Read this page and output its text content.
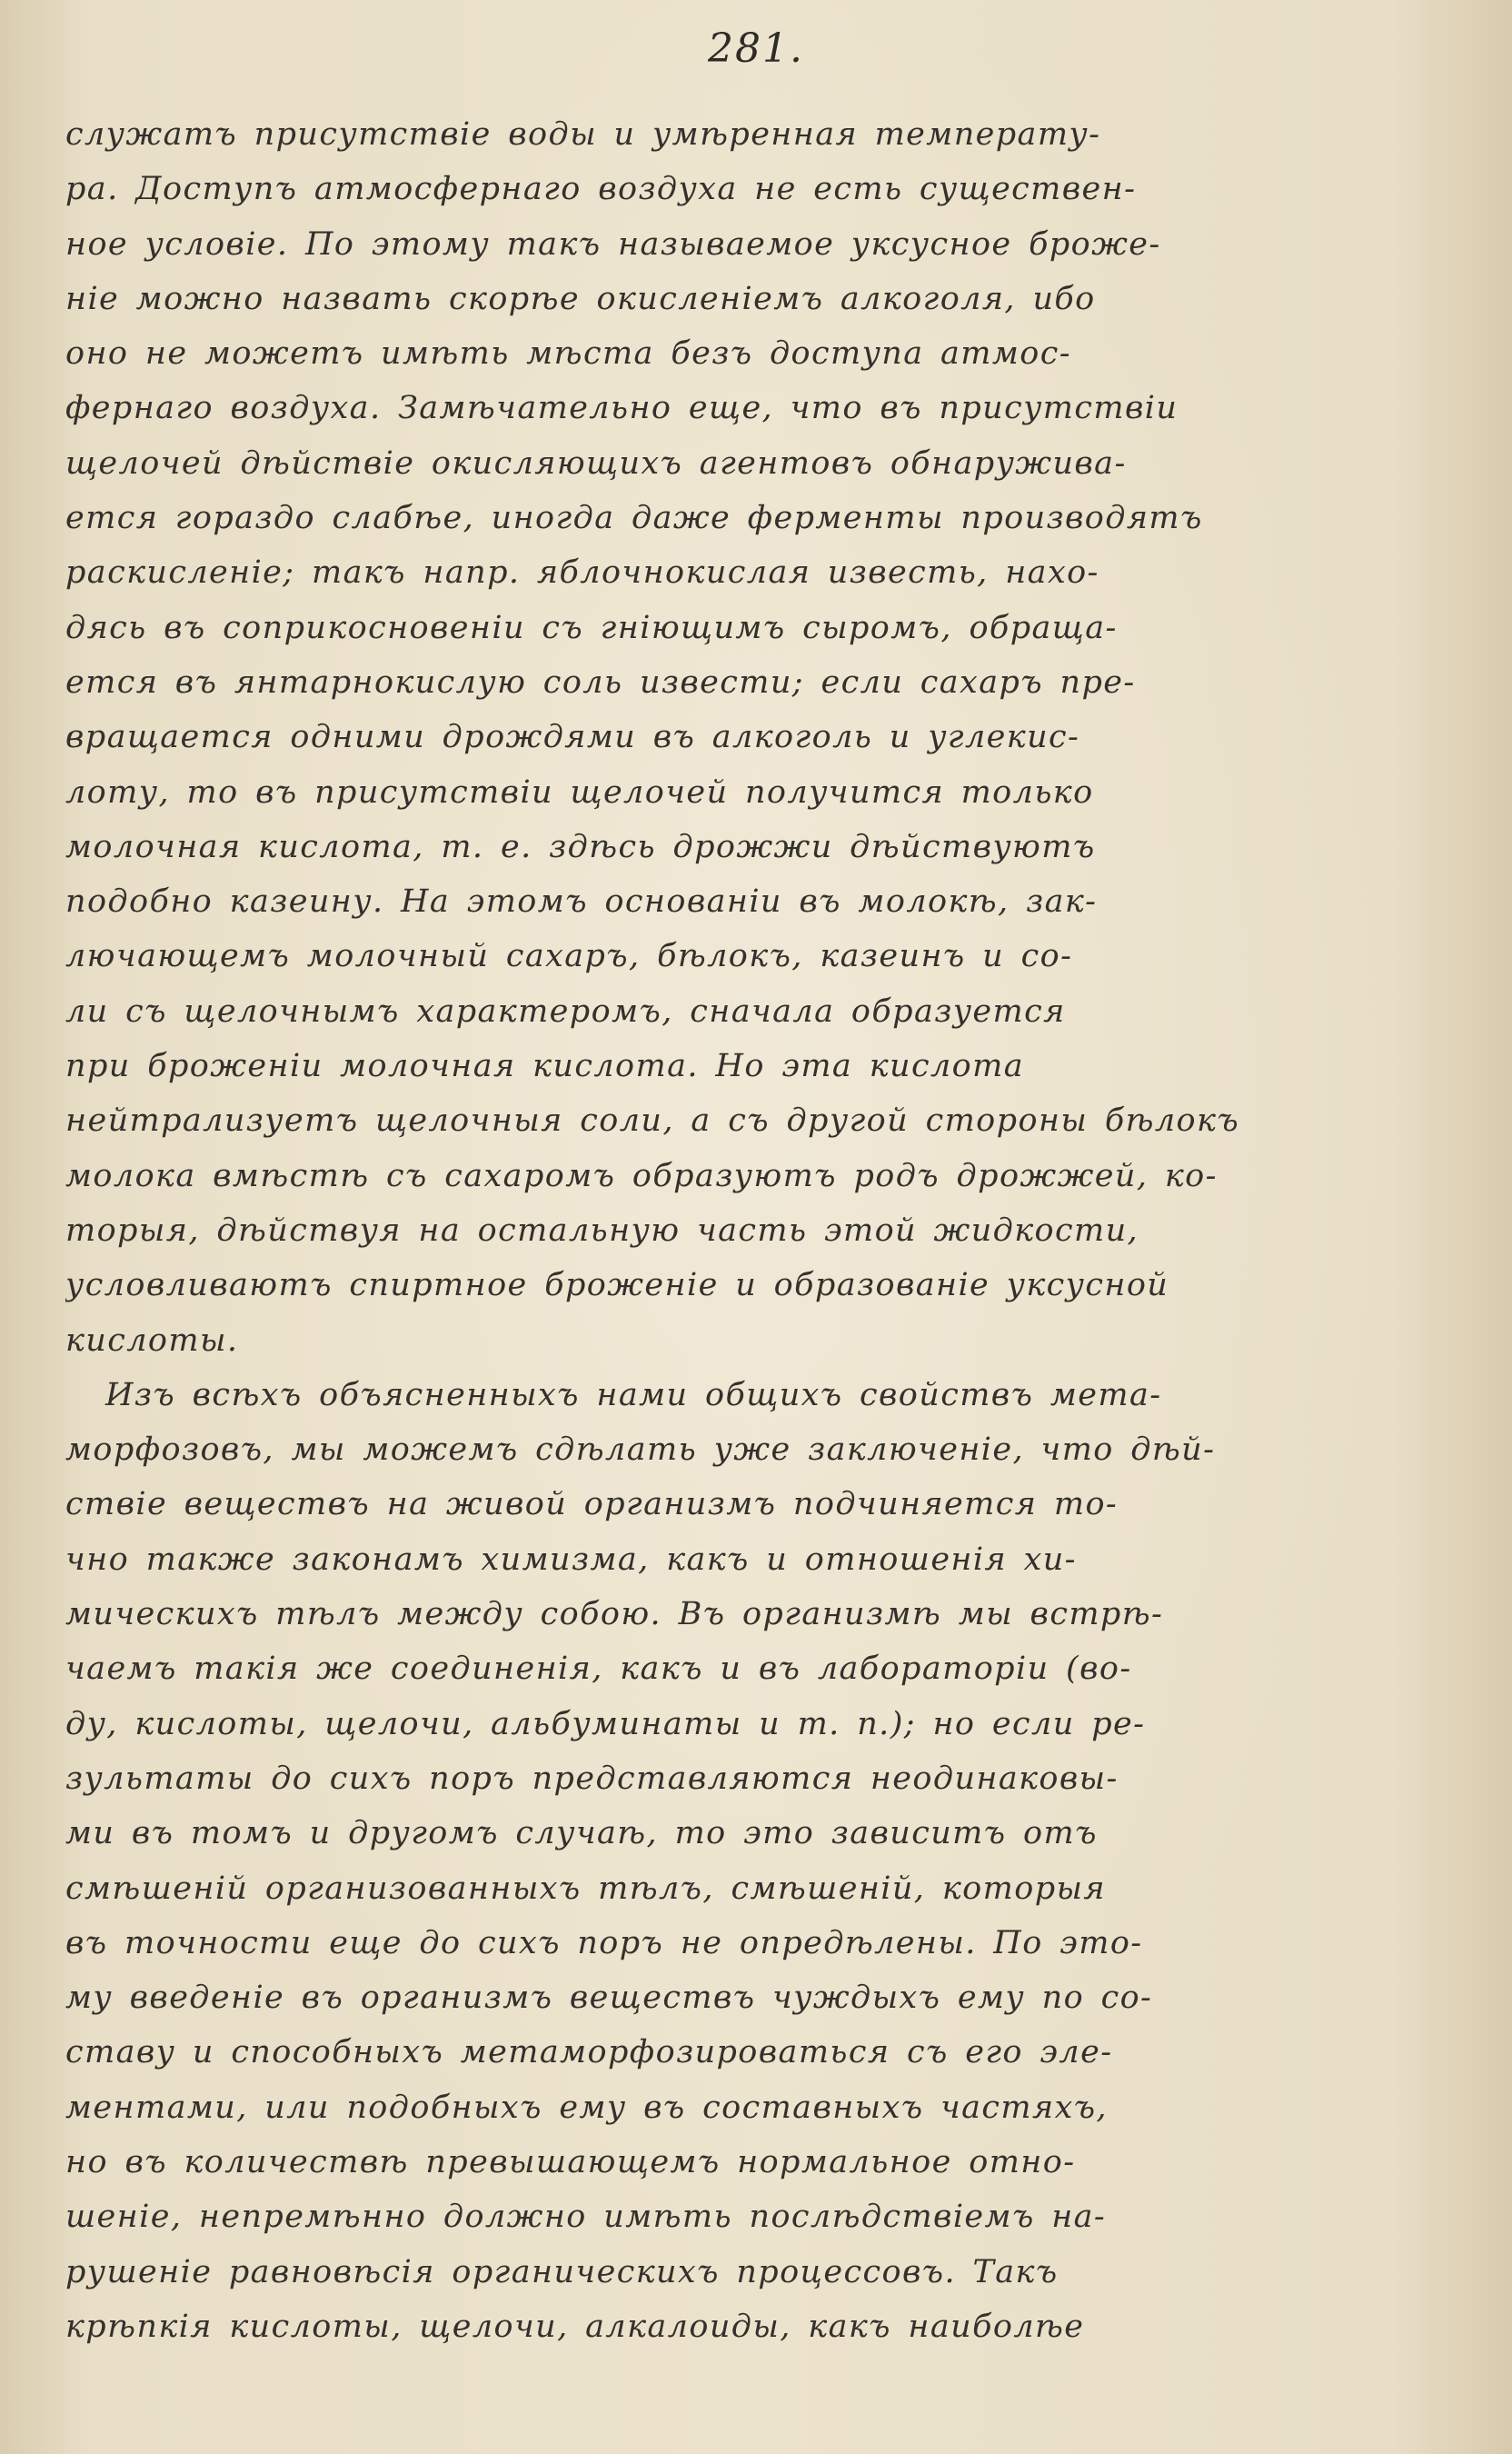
281.
служатъ присутствіе воды и умѣренная температу-
ра. Доступъ атмосфернаго воздуха не есть существен-
ное условіе. По этому такъ называемое уксусное броже-
ніе можно назвать скорѣе окисленіемъ алкоголя, ибо
оно не можетъ имѣть мѣста безъ доступа атмос-
фернаго воздуха. Замѣчательно еще, что въ присутствіи
щелочей дѣйствіе окисляющихъ агентовъ обнаружива-
ется гораздо слабѣе, иногда даже ферменты производятъ
раскисленіе; такъ напр. яблочнокислая известь, нахо-
дясь въ соприкосновеніи съ гніющимъ сыромъ, обраща-
ется въ янтарнокислую соль извести; если сахаръ пре-
вращается одними дрождями въ алкоголь и углекис-
лоту, то въ присутствіи щелочей получится только
молочная кислота, т. е. здѣсь дрожжи дѣйствуютъ
подобно казеину. На этомъ основаніи въ молокѣ, зак-
лючающемъ молочный сахаръ, бѣлокъ, казеинъ и со-
ли съ щелочнымъ характеромъ, сначала образуется
при броженіи молочная кислота. Но эта кислота
нейтрализуетъ щелочныя соли, а съ другой стороны бѣлокъ
молока вмѣстѣ съ сахаромъ образуютъ родъ дрожжей, ко-
торыя, дѣйствуя на остальную часть этой жидкости,
условливаютъ спиртное броженіе и образованіе уксусной
кислоты.
Изъ всѣхъ объясненныхъ нами общихъ свойствъ мета-
морфозовъ, мы можемъ сдѣлать уже заключеніе, что дѣй-
ствіе веществъ на живой организмъ подчиняется то-
чно также законамъ химизма, какъ и отношенія хи-
мическихъ тѣлъ между собою. Въ организмѣ мы встрѣ-
чаемъ такія же соединенія, какъ и въ лабораторіи (во-
ду, кислоты, щелочи, альбуминаты и т. п.); но если ре-
зультаты до сихъ поръ представляются неодинаковы-
ми въ томъ и другомъ случаѣ, то это зависитъ отъ
смѣшеній организованныхъ тѣлъ, смѣшеній, которыя
въ точности еще до сихъ поръ не опредѣлены. По это-
му введеніе въ организмъ веществъ чуждыхъ ему по со-
ставу и способныхъ метаморфозироваться съ его эле-
ментами, или подобныхъ ему въ составныхъ частяхъ,
но въ количествѣ превышающемъ нормальное отно-
шеніе, непремѣнно должно имѣть послѣдствіемъ на-
рушеніе равновѣсія органическихъ процессовъ. Такъ
крѣпкія кислоты, щелочи, алкалоиды, какъ наиболѣе
